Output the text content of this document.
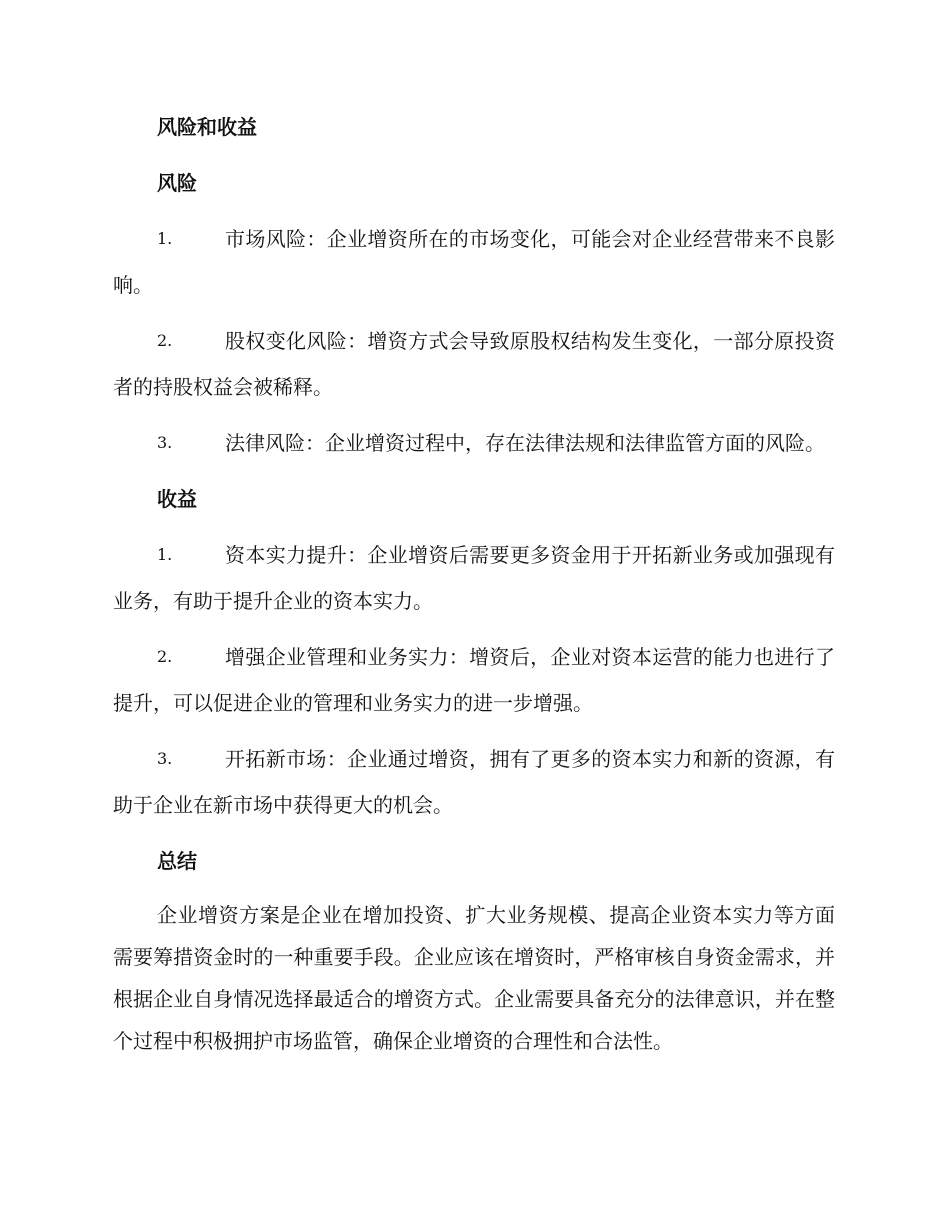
风险和收益
风险
1.	市场风险：企业增资所在的市场变化，可能会对企业经营带来不良影响。
2.	股权变化风险：增资方式会导致原股权结构发生变化，一部分原投资者的持股权益会被稀释。
3.	法律风险：企业增资过程中，存在法律法规和法律监管方面的风险。
收益
1.	资本实力提升：企业增资后需要更多资金用于开拓新业务或加强现有业务，有助于提升企业的资本实力。
2.	增强企业管理和业务实力：增资后，企业对资本运营的能力也进行了提升，可以促进企业的管理和业务实力的进一步增强。
3.	开拓新市场：企业通过增资，拥有了更多的资本实力和新的资源，有助于企业在新市场中获得更大的机会。
总结

企业增资方案是企业在增加投资、扩大业务规模、提高企业资本实力等方面需要筹措资金时的一种重要手段。企业应该在增资时，严格审核自身资金需求，并根据企业自身情况选择最适合的增资方式。企业需要具备充分的法律意识，并在整个过程中积极拥护市场监管，确保企业增资的合理性和合法性。
